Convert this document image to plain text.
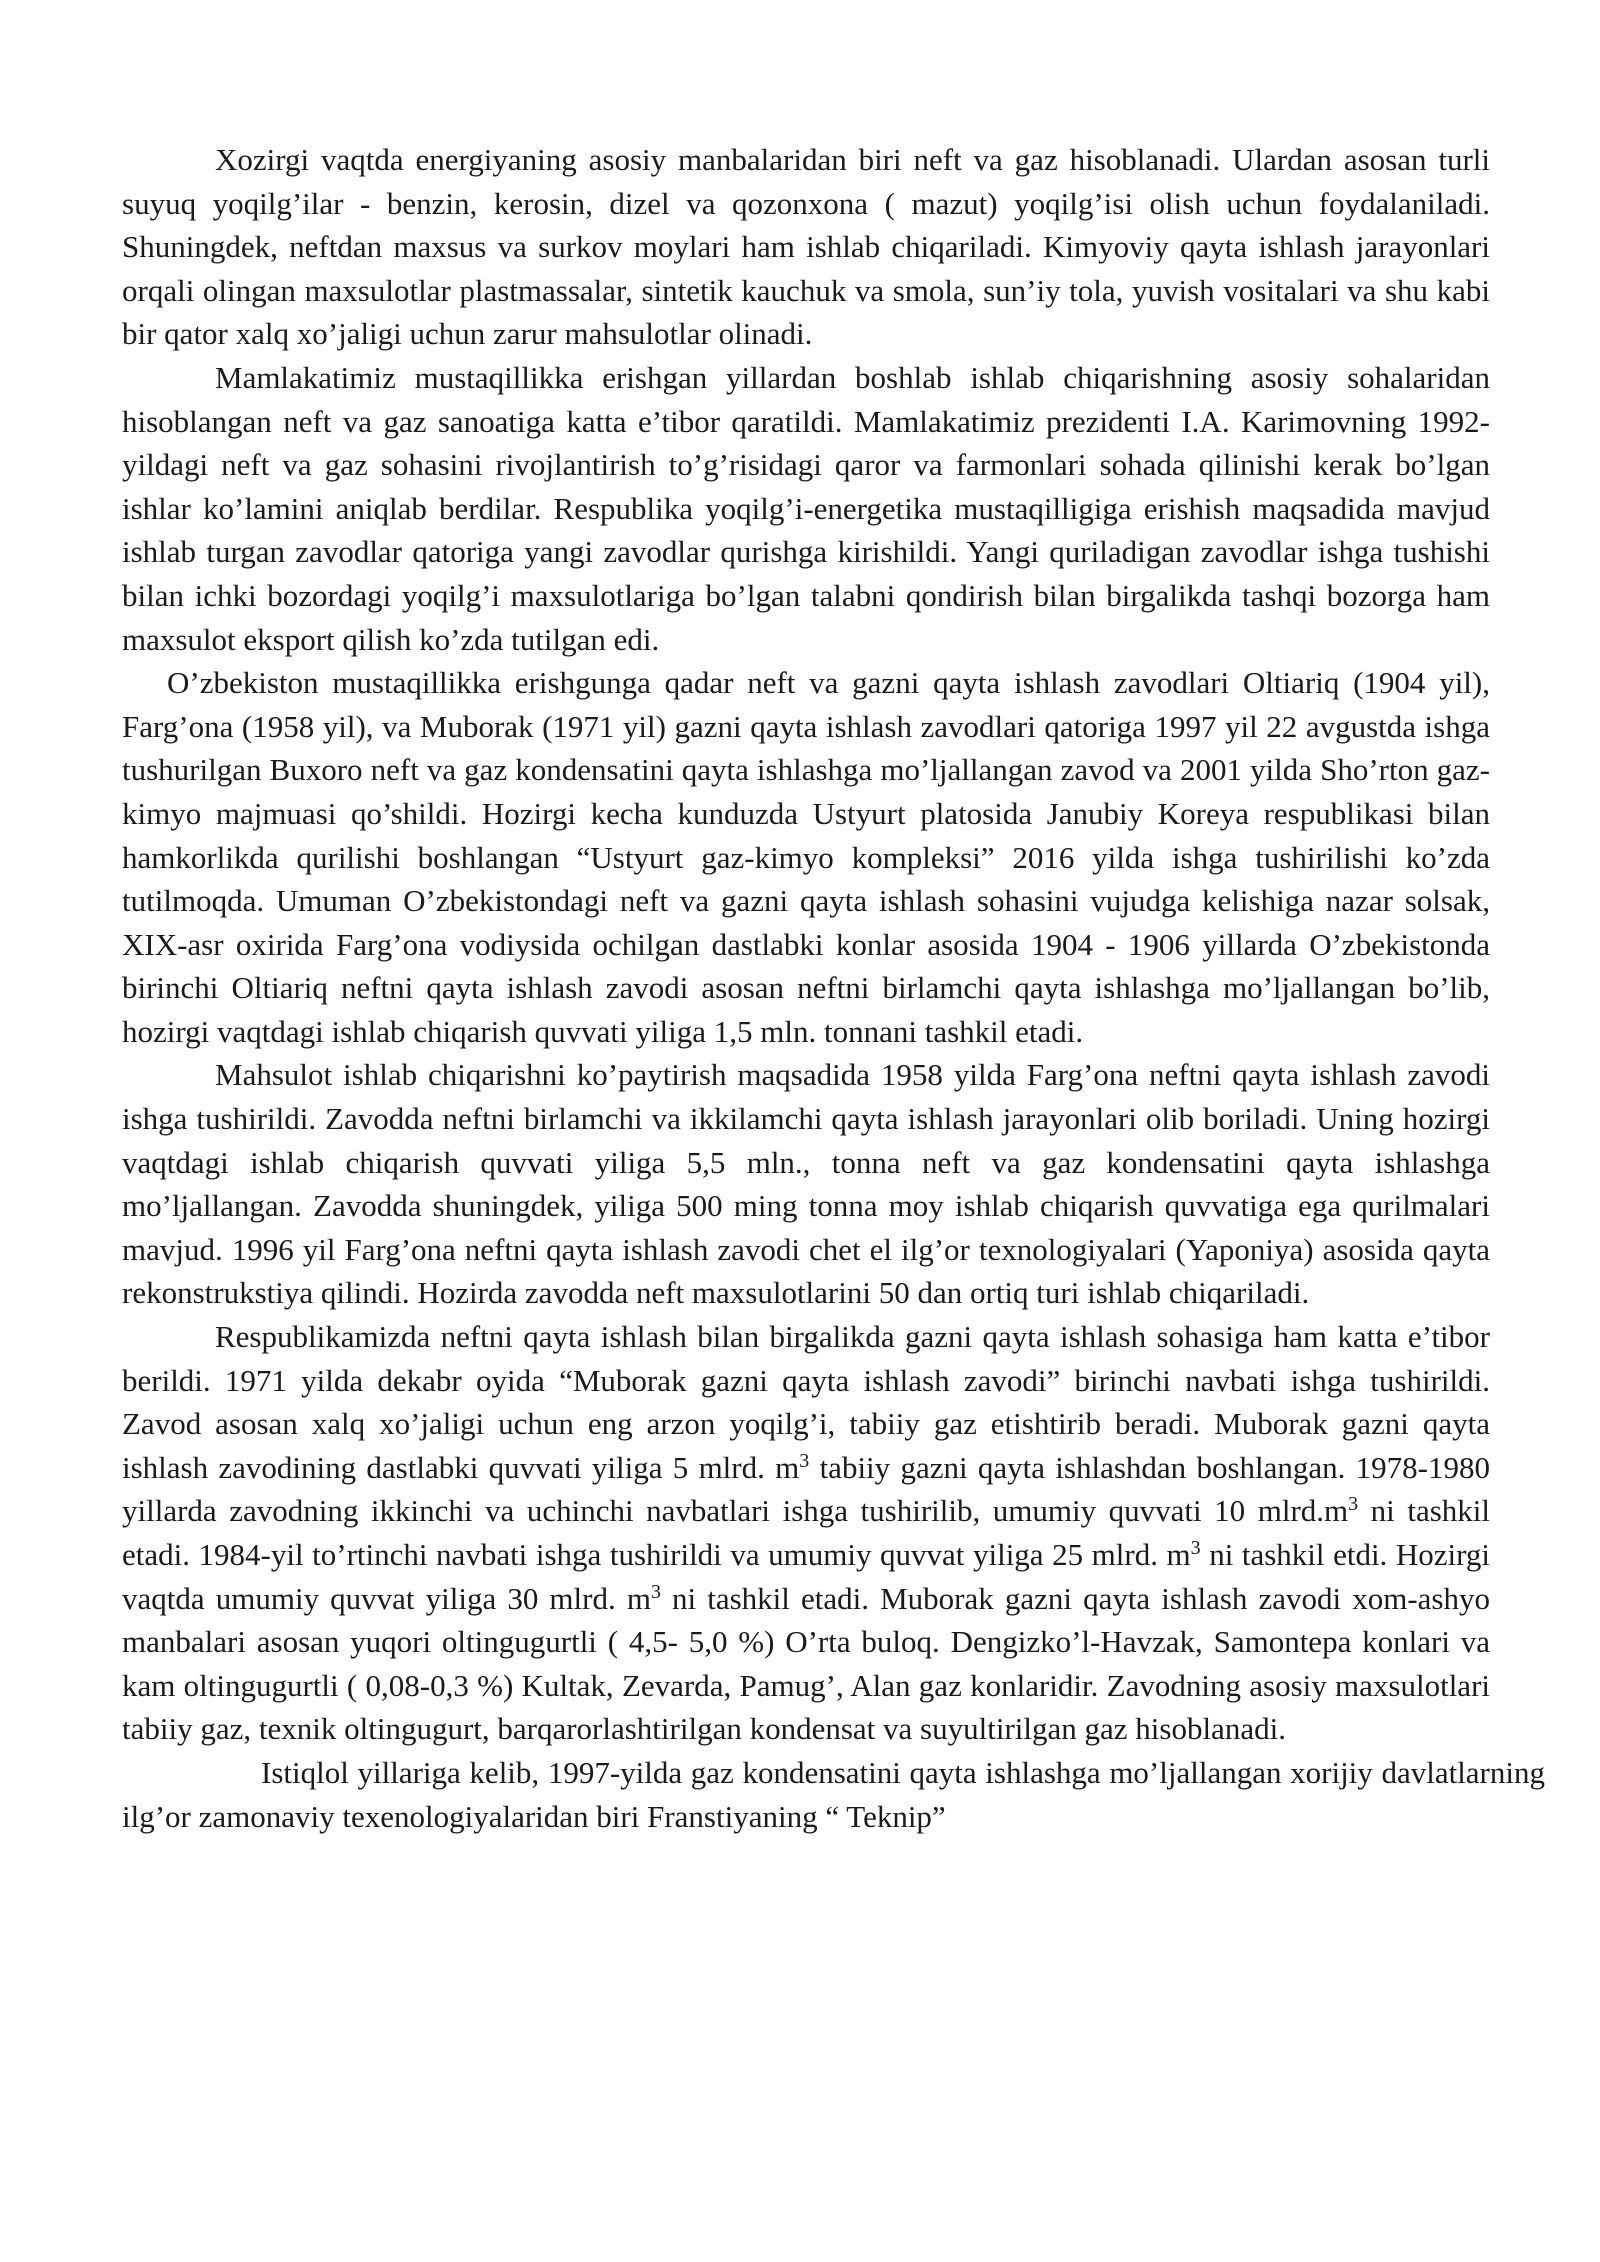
Xozirgi vaqtda energiyaning asosiy manbalaridan biri neft va gaz hisoblanadi. Ulardan asosan turli suyuq yoqilg’ilar - benzin, kerosin, dizel va qozonxona ( mazut) yoqilg’isi olish uchun foydalaniladi. Shuningdek, neftdan maxsus va surkov moylari ham ishlab chiqariladi. Kimyoviy qayta ishlash jarayonlari orqali olingan maxsulotlar plastmassalar, sintetik kauchuk va smola, sun’iy tola, yuvish vositalari va shu kabi bir qator xalq xo’jaligi uchun zarur mahsulotlar olinadi.

Mamlakatimiz mustaqillikka erishgan yillardan boshlab ishlab chiqarishning asosiy sohalaridan hisoblangan neft va gaz sanoatiga katta e’tibor qaratildi. Mamlakatimiz prezidenti I.A. Karimovning 1992-yildagi neft va gaz sohasini rivojlantirish to’g’risidagi qaror va farmonlari sohada qilinishi kerak bo’lgan ishlar ko’lamini aniqlab berdilar. Respublika yoqilg’i-energetika mustaqilligiga erishish maqsadida mavjud ishlab turgan zavodlar qatoriga yangi zavodlar qurishga kirishildi. Yangi quriladigan zavodlar ishga tushishi bilan ichki bozordagi yoqilg’i maxsulotlariga bo’lgan talabni qondirish bilan birgalikda tashqi bozorga ham maxsulot eksport qilish ko’zda tutilgan edi.

O’zbekiston mustaqillikka erishgunga qadar neft va gazni qayta ishlash zavodlari Oltiariq (1904 yil), Farg’ona (1958 yil), va Muborak (1971 yil) gazni qayta ishlash zavodlari qatoriga 1997 yil 22 avgustda ishga tushurilgan Buxoro neft va gaz kondensatini qayta ishlashga mo’ljallangan zavod va 2001 yilda Sho’rton gaz-kimyo majmuasi qo’shildi. Hozirgi kecha kunduzda Ustyurt platosida Janubiy Koreya respublikasi bilan hamkorlikda qurilishi boshlangan “Ustyurt gaz-kimyo kompleksi” 2016 yilda ishga tushirilishi ko’zda tutilmoqda. Umuman O’zbekistondagi neft va gazni qayta ishlash sohasini vujudga kelishiga nazar solsak, XIX-asr oxirida Farg’ona vodiysida ochilgan dastlabki konlar asosida 1904 - 1906 yillarda O’zbekistonda birinchi Oltiariq neftni qayta ishlash zavodi asosan neftni birlamchi qayta ishlashga mo’ljallangan bo’lib, hozirgi vaqtdagi ishlab chiqarish quvvati yiliga 1,5 mln. tonnani tashkil etadi.

Mahsulot ishlab chiqarishni ko’paytirish maqsadida 1958 yilda Farg’ona neftni qayta ishlash zavodi ishga tushirildi. Zavodda neftni birlamchi va ikkilamchi qayta ishlash jarayonlari olib boriladi. Uning hozirgi vaqtdagi ishlab chiqarish quvvati yiliga 5,5 mln., tonna neft va gaz kondensatini qayta ishlashga mo’ljallangan. Zavodda shuningdek, yiliga 500 ming tonna moy ishlab chiqarish quvvatiga ega qurilmalari mavjud. 1996 yil Farg’ona neftni qayta ishlash zavodi chet el ilg’or texnologiyalari (Yaponiya) asosida qayta rekonstrukstiya qilindi. Hozirda zavodda neft maxsulotlarini 50 dan ortiq turi ishlab chiqariladi.

Respublikamizda neftni qayta ishlash bilan birgalikda gazni qayta ishlash sohasiga ham katta e’tibor berildi. 1971 yilda dekabr oyida “Muborak gazni qayta ishlash zavodi” birinchi navbati ishga tushirildi. Zavod asosan xalq xo’jaligi uchun eng arzon yoqilg’i, tabiiy gaz etishtirib beradi. Muborak gazni qayta ishlash zavodining dastlabki quvvati yiliga 5 mlrd. $m^3$ tabiiy gazni qayta ishlashdan boshlangan. 1978-1980 yillarda zavodning ikkinchi va uchinchi navbatlari ishga tushirilib, umumiy quvvati 10 $mlrd.m^3$ ni tashkil etadi. 1984-yil to’rtinchi navbati ishga tushirildi va umumiy quvvat yiliga 25 mlrd. $m^3$ ni tashkil etdi. Hozirgi vaqtda umumiy quvvat yiliga 30 mlrd. $m^3$ ni tashkil etadi. Muborak gazni qayta ishlash zavodi xom-ashyo manbalari asosan yuqori oltingugurtli ( 4,5- 5,0 %) O’rta buloq. Dengizko’l-Havzak, Samontepa konlari va kam oltingugurtli ( 0,08-0,3 %) Kultak, Zevarda, Pamug’, Alan gaz konlaridir. Zavodning asosiy maxsulotlari tabiiy gaz, texnik oltingugurt, barqarorlashtirilgan kondensat va suyultirilgan gaz hisoblanadi.

Istiqlol yillariga kelib, 1997-yilda gaz kondensatini qayta ishlashga mo’ljallangan xorijiy davlatlarning ilg’or zamonaviy texenologiyalaridan biri Franstiyaning “ Teknip”
